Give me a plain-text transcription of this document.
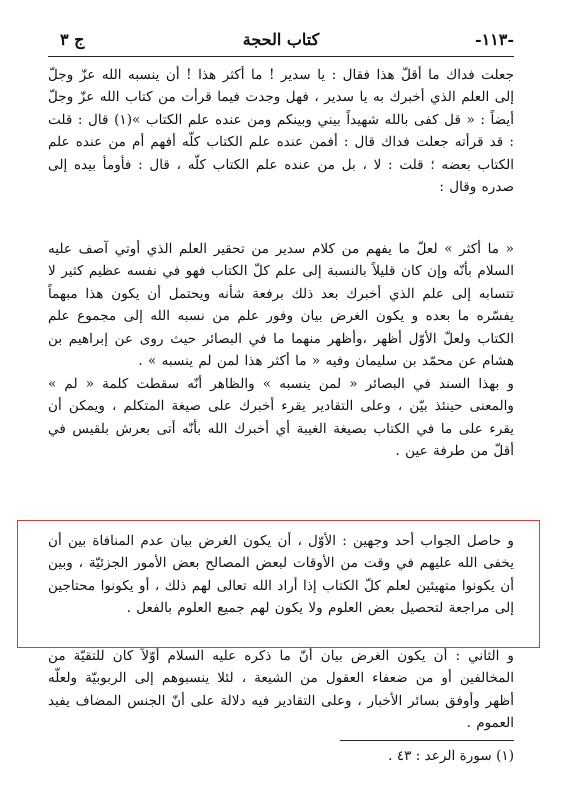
-١١٣-
كتاب الحجة
ج ٣

جعلت فداك ما أقلّ هذا فقال : يا سدير ! ما أكثر هذا ! أن ينسبه الله عزّ وجلّ إلى العلم الذي أخبرك به يا سدير ، فهل وجدت فيما قرأت من كتاب الله عزّ وجلّ أيضاً : « قل كفى بالله شهيداً بيني وبينكم ومن عنده علم الكتاب »(١) قال : قلت : قد قرأته جعلت فداك قال : أفمن عنده علم الكتاب كلّه أفهم أم من عنده علم الكتاب بعضه ؛ قلت : لا ، بل من عنده علم الكتاب كلّه ، قال : فأومأ بيده إلى صدره وقال :

« ما أكثر » لعلّ ما يفهم من كلام سدير من تحقير العلم الذي أوتي آصف عليه السلام بأنّه وإن كان قليلاً بالنسبة إلى علم كلّ الكتاب فهو في نفسه عظيم كثير لا تتسابه إلى علم الذي أخبرك بعد ذلك برفعة شأنه ويحتمل أن يكون هذا مبهماً يفسّره ما بعده و يكون الغرض بيان وفور علم من نسبه الله إلى مجموع علم الكتاب ولعلّ الأوّل أظهر ،وأظهر منهما ما في البصائر حيث روى عن إبراهيم بن هشام عن محمّد بن سليمان وفيه « ما أكثر هذا لمن لم ينسبه » .

و بهذا السند في البصائر « لمن ينسبه » والظاهر أنّه سقطت كلمة « لم » والمعنى حينئذ بيّن ، وعلى التقادير يقرء أخبرك على صيغة المتكلم ، ويمكن أن يقرء على ما في الكتاب بصيغة الغيبة أي أخبرك الله بأنّه أتى بعرش بلقيس في أقلّ من طرفة عين .

و حاصل الجواب أحد وجهين : الأوّل ، أن يكون الغرض بيان عدم المنافاة بين أن يخفى الله عليهم في وقت من الأوقات لبعض المصالح بعض الأمور الجزئيّة ، وبين أن يكونوا متهيئين لعلم كلّ الكتاب إذا أراد الله تعالى لهم ذلك ، أو يكونوا محتاجين إلى مراجعة لتحصيل بعض العلوم ولا يكون لهم جميع العلوم بالفعل .

و الثاني : أن يكون الغرض بيان أنّ ما ذكره عليه السلام أوّلاً كان للتقيّة من المخالفين أو من ضعفاء العقول من الشيعة ، لئلا ينسبوهم إلى الربوبيّة ولعلّه أظهر وأوفق بسائر الأخبار ، وعلى التقادير فيه دلالة على أنّ الجنس المضاف يفيد العموم .

(١) سورة الرعد : ٤٣ .
